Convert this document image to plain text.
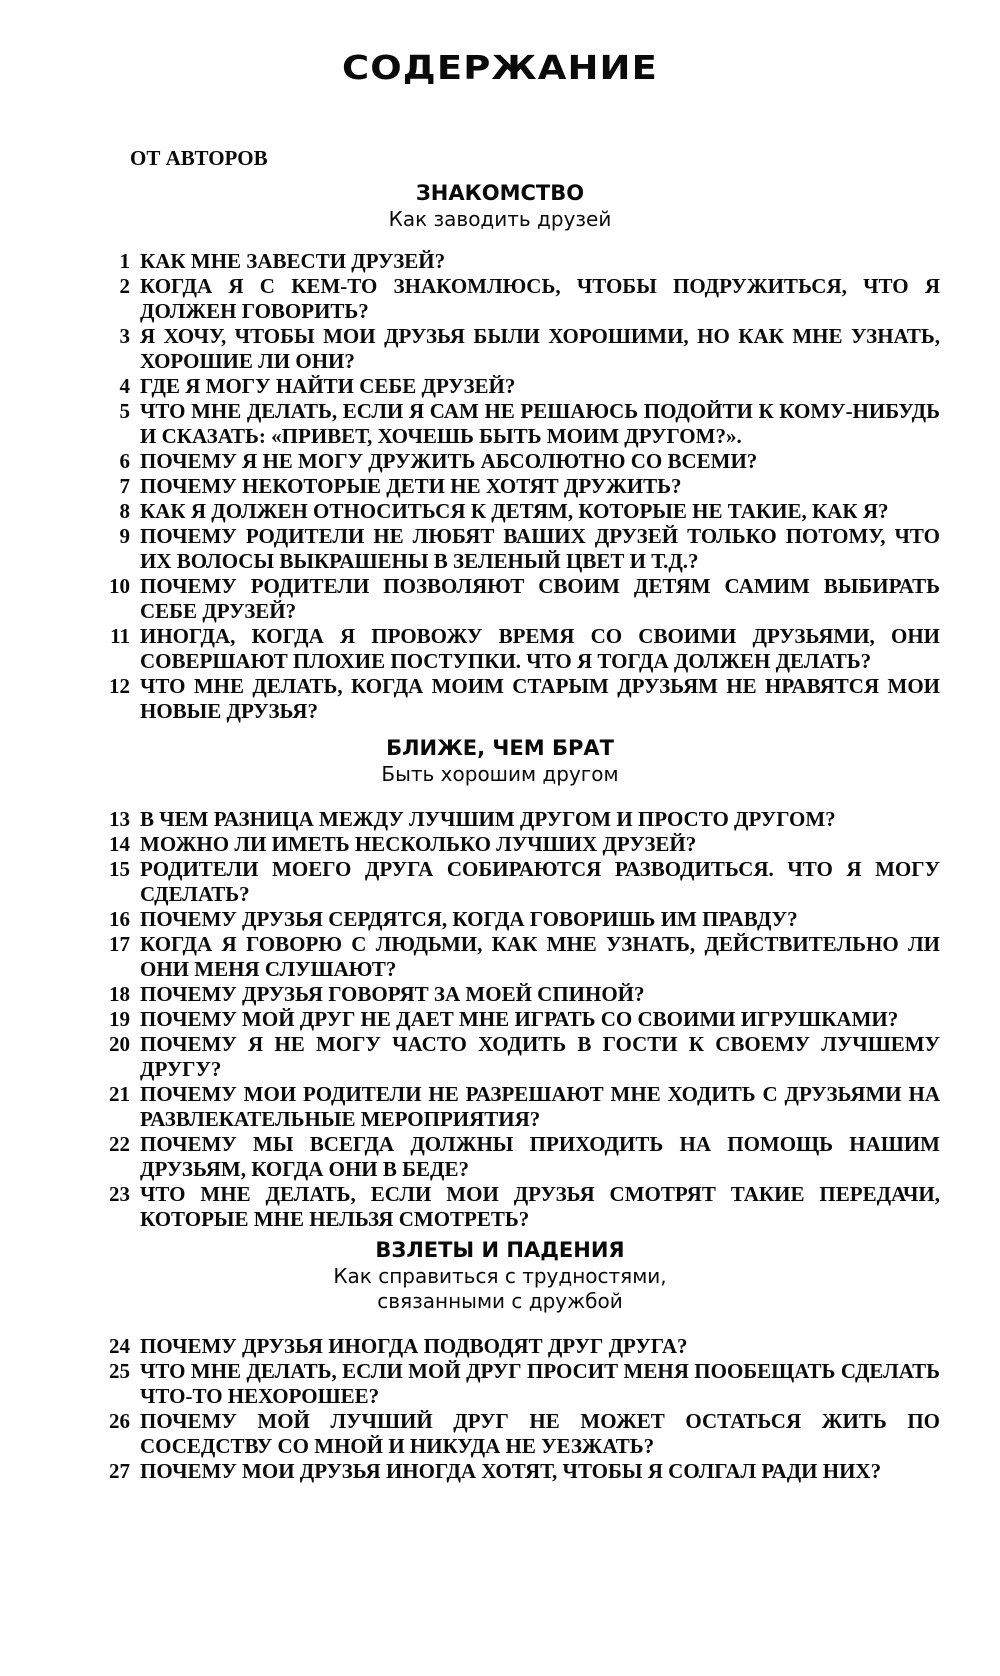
СОДЕРЖАНИЕ

ОТ АВТОРОВ

ЗНАКОМСТВО

Как заводить друзей

1 КАК МНЕ ЗАВЕСТИ ДРУЗЕЙ?
2 КОГДА Я С КЕМ-ТО ЗНАКОМЛЮСЬ, ЧТОБЫ ПОДРУЖИТЬСЯ, ЧТО Я ДОЛЖЕН ГОВОРИТЬ?
3 Я ХОЧУ, ЧТОБЫ МОИ ДРУЗЬЯ БЫЛИ ХОРОШИМИ, НО КАК МНЕ УЗНАТЬ, ХОРОШИЕ ЛИ ОНИ?
4 ГДЕ Я МОГУ НАЙТИ СЕБЕ ДРУЗЕЙ?
5 ЧТО МНЕ ДЕЛАТЬ, ЕСЛИ Я САМ НЕ РЕШАЮСЬ ПОДОЙТИ К КОМУ-НИБУДЬ И СКАЗАТЬ: «ПРИВЕТ, ХОЧЕШЬ БЫТЬ МОИМ ДРУГОМ?».
6 ПОЧЕМУ Я НЕ МОГУ ДРУЖИТЬ АБСОЛЮТНО СО ВСЕМИ?
7 ПОЧЕМУ НЕКОТОРЫЕ ДЕТИ НЕ ХОТЯТ ДРУЖИТЬ?
8 КАК Я ДОЛЖЕН ОТНОСИТЬСЯ К ДЕТЯМ, КОТОРЫЕ НЕ ТАКИЕ, КАК Я?
9 ПОЧЕМУ РОДИТЕЛИ НЕ ЛЮБЯТ ВАШИХ ДРУЗЕЙ ТОЛЬКО ПОТОМУ, ЧТО ИХ ВОЛОСЫ ВЫКРАШЕНЫ В ЗЕЛЕНЫЙ ЦВЕТ И Т.Д.?
10 ПОЧЕМУ РОДИТЕЛИ ПОЗВОЛЯЮТ СВОИМ ДЕТЯМ САМИМ ВЫБИРАТЬ СЕБЕ ДРУЗЕЙ?
11 ИНОГДА, КОГДА Я ПРОВОЖУ ВРЕМЯ СО СВОИМИ ДРУЗЬЯМИ, ОНИ СОВЕРШАЮТ ПЛОХИЕ ПОСТУПКИ. ЧТО Я ТОГДА ДОЛЖЕН ДЕЛАТЬ?
12 ЧТО МНЕ ДЕЛАТЬ, КОГДА МОИМ СТАРЫМ ДРУЗЬЯМ НЕ НРАВЯТСЯ МОИ НОВЫЕ ДРУЗЬЯ?

БЛИЖЕ, ЧЕМ БРАТ

Быть хорошим другом

13 В ЧЕМ РАЗНИЦА МЕЖДУ ЛУЧШИМ ДРУГОМ И ПРОСТО ДРУГОМ?
14 МОЖНО ЛИ ИМЕТЬ НЕСКОЛЬКО ЛУЧШИХ ДРУЗЕЙ?
15 РОДИТЕЛИ МОЕГО ДРУГА СОБИРАЮТСЯ РАЗВОДИТЬСЯ. ЧТО Я МОГУ СДЕЛАТЬ?
16 ПОЧЕМУ ДРУЗЬЯ СЕРДЯТСЯ, КОГДА ГОВОРИШЬ ИМ ПРАВДУ?
17 КОГДА Я ГОВОРЮ С ЛЮДЬМИ, КАК МНЕ УЗНАТЬ, ДЕЙСТВИТЕЛЬНО ЛИ ОНИ МЕНЯ СЛУШАЮТ?
18 ПОЧЕМУ ДРУЗЬЯ ГОВОРЯТ ЗА МОЕЙ СПИНОЙ?
19 ПОЧЕМУ МОЙ ДРУГ НЕ ДАЕТ МНЕ ИГРАТЬ СО СВОИМИ ИГРУШКАМИ?
20 ПОЧЕМУ Я НЕ МОГУ ЧАСТО ХОДИТЬ В ГОСТИ К СВОЕМУ ЛУЧШЕМУ ДРУГУ?
21 ПОЧЕМУ МОИ РОДИТЕЛИ НЕ РАЗРЕШАЮТ МНЕ ХОДИТЬ С ДРУЗЬЯМИ НА РАЗВЛЕКАТЕЛЬНЫЕ МЕРОПРИЯТИЯ?
22 ПОЧЕМУ МЫ ВСЕГДА ДОЛЖНЫ ПРИХОДИТЬ НА ПОМОЩЬ НАШИМ ДРУЗЬЯМ, КОГДА ОНИ В БЕДЕ?
23 ЧТО МНЕ ДЕЛАТЬ, ЕСЛИ МОИ ДРУЗЬЯ СМОТРЯТ ТАКИЕ ПЕРЕДАЧИ, КОТОРЫЕ МНЕ НЕЛЬЗЯ СМОТРЕТЬ?

ВЗЛЕТЫ И ПАДЕНИЯ

Как справиться с трудностями, связанными с дружбой

24 ПОЧЕМУ ДРУЗЬЯ ИНОГДА ПОДВОДЯТ ДРУГ ДРУГА?
25 ЧТО МНЕ ДЕЛАТЬ, ЕСЛИ МОЙ ДРУГ ПРОСИТ МЕНЯ ПООБЕЩАТЬ СДЕЛАТЬ ЧТО-ТО НЕХОРОШЕЕ?
26 ПОЧЕМУ МОЙ ЛУЧШИЙ ДРУГ НЕ МОЖЕТ ОСТАТЬСЯ ЖИТЬ ПО СОСЕДСТВУ СО МНОЙ И НИКУДА НЕ УЕЗЖАТЬ?
27 ПОЧЕМУ МОИ ДРУЗЬЯ ИНОГДА ХОТЯТ, ЧТОБЫ Я СОЛГАЛ РАДИ НИХ?
